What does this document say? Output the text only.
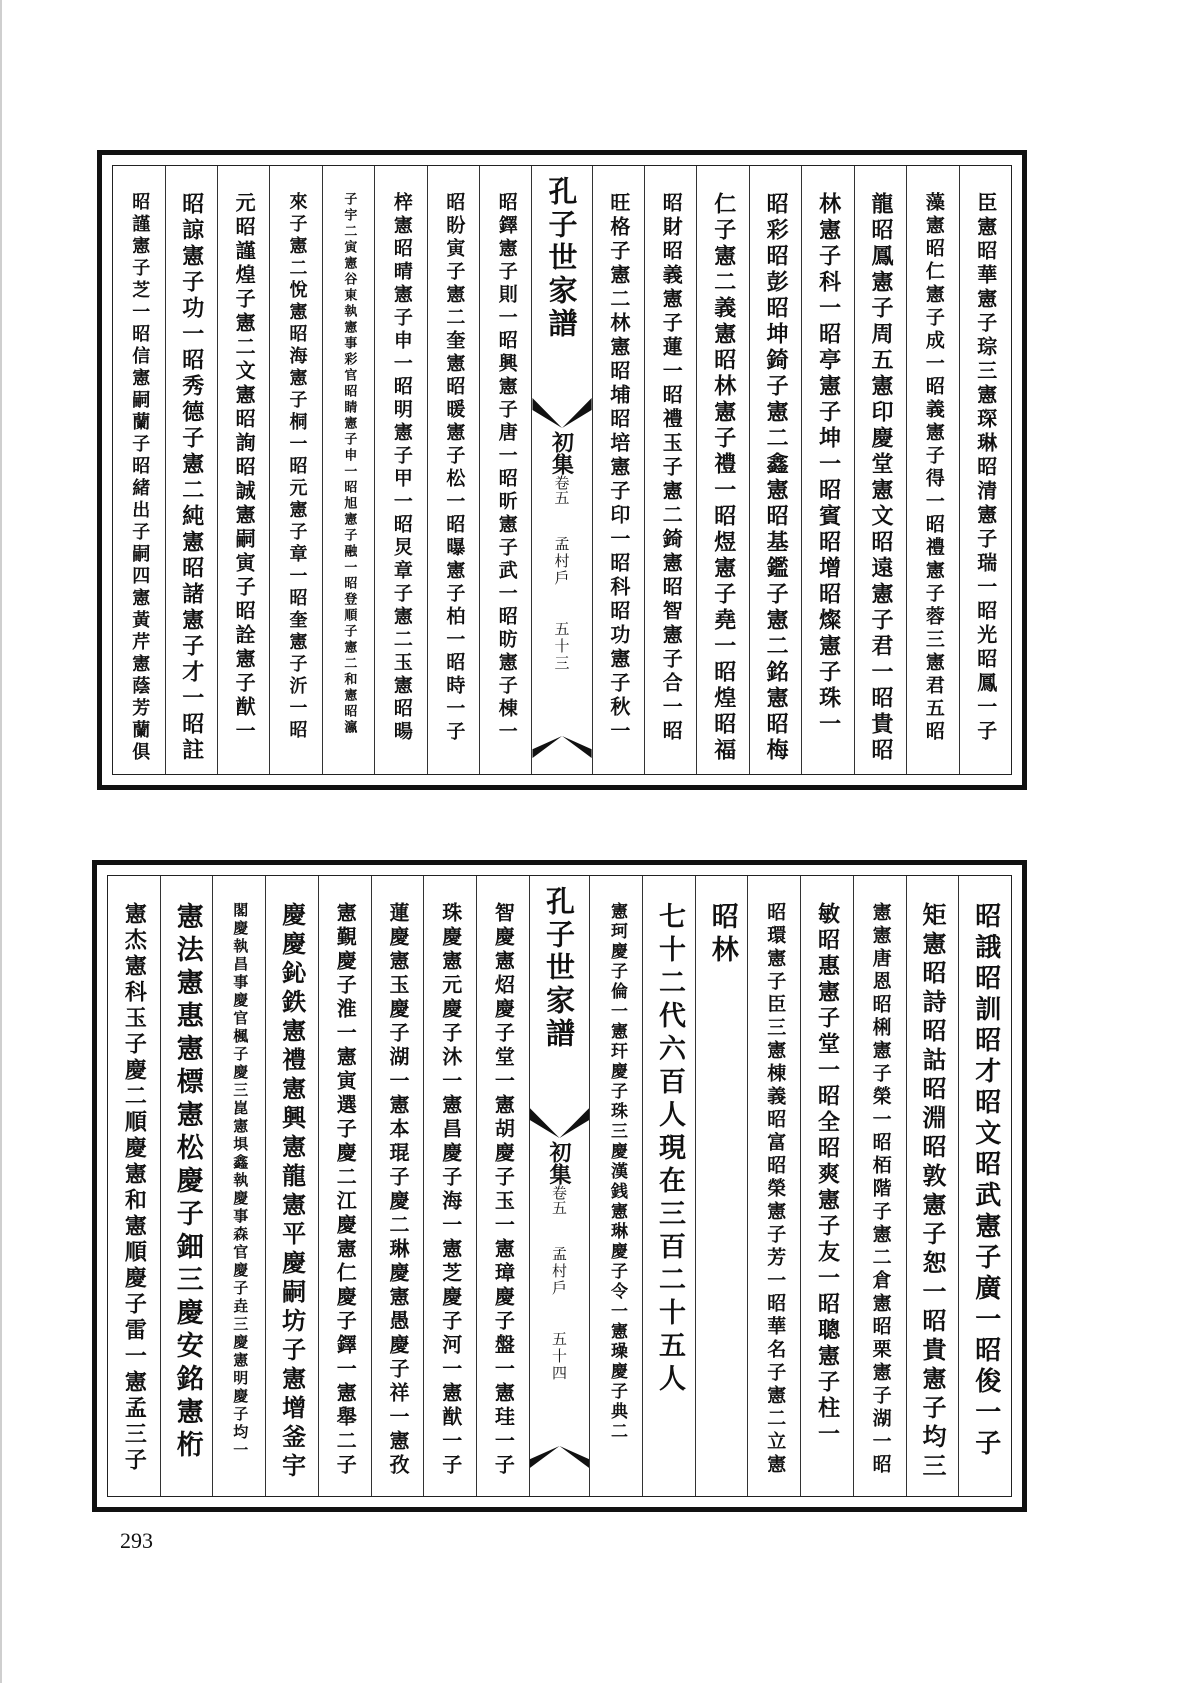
臣憲昭華憲子琮三憲琛琳昭清憲子瑞一昭光昭鳳一子
藻憲昭仁憲子成一昭義憲子得一昭禮憲子蓉三憲君五昭
龍昭鳳憲子周五憲印慶堂憲文昭遠憲子君一昭貴昭
林憲子科一昭亭憲子坤一昭賓昭增昭燦憲子珠一
昭彩昭彭昭坤錡子憲二鑫憲昭基鑑子憲二銘憲昭梅
仁子憲二義憲昭林憲子禮一昭煜憲子堯一昭煌昭福
昭財昭義憲子蓮一昭禮玉子憲二錡憲昭智憲子合一昭
旺格子憲二林憲昭埔昭培憲子印一昭科昭功憲子秋一
孔子世家譜
初集卷五
孟村戶
五十三
昭鐸憲子則一昭興憲子唐一昭昕憲子武一昭昉憲子棟一
昭盼寅子憲二奎憲昭暖憲子松一昭曝憲子柏一昭時一子
梓憲昭晴憲子申一昭明憲子甲一昭炅章子憲二玉憲昭暘
子宇二寅憲谷東執憲事彩官昭睛憲子申一昭旭憲子融一昭登順子憲二和憲昭瀛
來子憲二悅憲昭海憲子桐一昭元憲子章一昭奎憲子沂一昭
元昭謹煌子憲二文憲昭詢昭誠憲嗣寅子昭詮憲子猷一
昭諒憲子功一昭秀德子憲二純憲昭諸憲子才一昭註
昭謹憲子芝一昭信憲嗣蘭子昭緒出子嗣四憲黃芹憲蔭芳蘭俱
昭誐昭訓昭才昭文昭武憲子廣一昭俊一子
矩憲昭詩昭詁昭淵昭敦憲子恕一昭貴憲子均三
憲憲唐恩昭梸憲子榮一昭栢階子憲二倉憲昭栗憲子湖一昭
敏昭惠憲子堂一昭全昭爽憲子友一昭聰憲子柱一
昭環憲子臣三憲棟義昭富昭榮憲子芳一昭華名子憲二立憲
昭林
七十二代六百人現在三百二十五人
憲珂慶子倫一憲玕慶子珠三慶漢銭憲琳慶子令一憲璪慶子典二
孔子世家譜
初集卷五
孟村戶
五十四
智慶憲炤慶子堂一憲胡慶子玉一憲璋慶子盤一憲珪一子
珠慶憲元慶子沐一憲昌慶子海一憲芝慶子河一憲猷一子
蓮慶憲玉慶子湖一憲本琨子慶二琳慶憲愚慶子祥一憲孜
憲覲慶子淮一憲寅選子慶二江慶憲仁慶子鐸一憲舉二子
慶慶鈊鉄憲禮憲興憲龍憲平慶嗣坊子憲增釜宇
閣慶執昌事慶官楓子慶三崑憲埧鑫執慶事森官慶子垚三慶憲明慶子均一
憲法憲惠憲標憲松慶子鈿三慶安銘憲桁
憲杰憲科玉子慶二順慶憲和憲順慶子雷一憲孟三子
293
